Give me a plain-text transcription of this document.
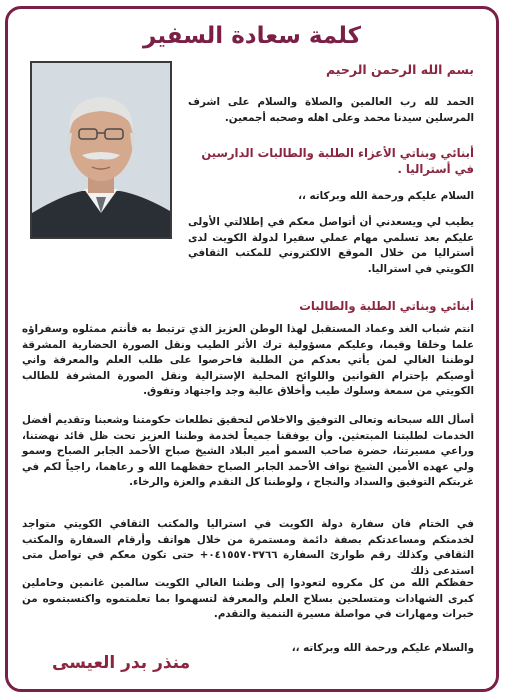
كلمة سعادة السفير

بسم الله الرحمن الرحيم

الحمد لله رب العالمين والصلاة والسلام على اشرف المرسلين سيدنا محمد وعلى اهله وصحبه أجمعين.

أبنائي وبناتي الأعزاء الطلبة والطالبات الدارسين في أستراليا .

السلام عليكم ورحمة الله وبركاته ،،

يطيب لي ويسعدني أن أتواصل معكم في إطلالتي الأولى عليكم بعد تسلمي مهام عملي سفيرا لدولة الكويت لدى أستراليا من خلال الموقع الالكتروني للمكتب الثقافي الكويتي في استراليا.

أبنائي وبناتي الطلبة والطالبات

انتم شباب الغد وعماد المستقبل لهذا الوطن العزيز الذي ترتبط به فأنتم ممثلوه وسفراؤه علما وخلقا وقيما، وعليكم مسؤولية ترك الأثر الطيب ونقل الصورة الحضارية المشرقة لوطننا الغالي لمن يأتي بعدكم من الطلبة فاحرصوا على طلب العلم والمعرفة واني أوصيكم بإحترام القوانين واللوائح المحلية الإسترالية ونقل الصورة المشرفة للطالب الكويتي من سمعة وسلوك طيب وأخلاق عالية وجد واجتهاد وتفوق.

أسأل الله سبحانه وتعالى التوفيق والاخلاص لتحقيق تطلعات حكومتنا وشعبنا وتقديم أفضل الخدمات لطلبتنا المبتعثين. وأن يوفقنا جميعاً لخدمة وطننا العزيز تحت ظل قائد نهضتنا، وراعي مسيرتنا، حضرة صاحب السمو أمير البلاد الشيخ صباح الأحمد الجابر الصباح وسمو ولي عهده الأمين الشيخ نواف الأحمد الجابر الصباح حفظهما الله و رعاهما، راجياً لكم في غربتكم التوفيق والسداد والنجاح ، ولوطننا كل التقدم والعزة والرخاء.

في الختام فان سفارة دولة الكويت في استراليا والمكتب الثقافي الكويتي متواجد لخدمتكم ومساعدتكم بصفة دائمة ومستمرة من خلال هواتف وأرقام السفارة والمكتب الثقافي وكذلك رقم طوارئ السفارة ٠٤١٥٥٧٠٣٧٦٦+ حتى تكون معكم في تواصل متى استدعى ذلك

حفظكم الله من كل مكروه لتعودوا إلى وطننا الغالي الكويت سالمين غانمين وحاملين كبرى الشهادات ومتسلحين بسلاح العلم والمعرفة لتسهموا بما تعلمتموه واكتسبتموه من خبرات ومهارات في مواصلة مسيرة التنمية والتقدم.

والسلام عليكم ورحمة الله وبركاته ،،

منذر بدر العيسى
